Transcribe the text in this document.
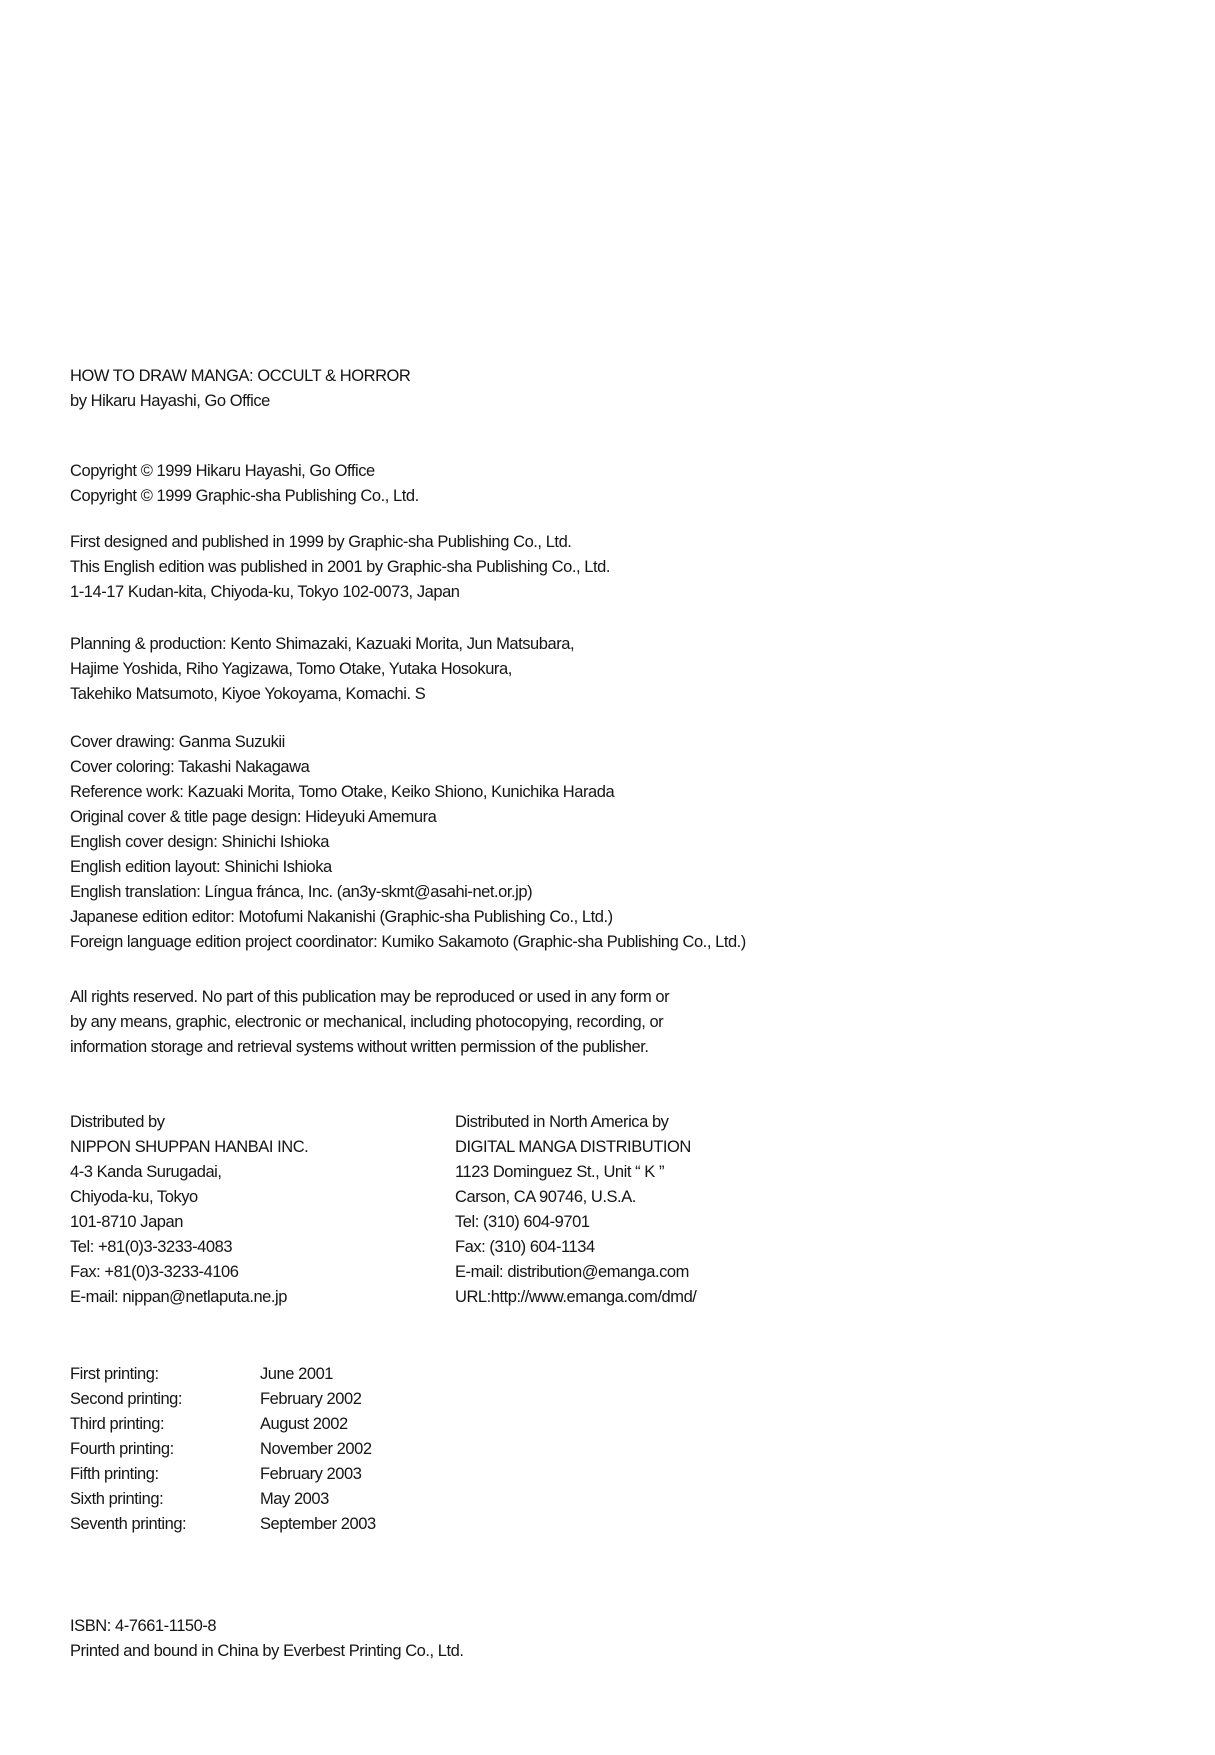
HOW TO DRAW MANGA: OCCULT & HORROR

by Hikaru Hayashi, Go Office

Copyright © 1999 Hikaru Hayashi, Go Office

Copyright © 1999 Graphic-sha Publishing Co., Ltd.

First designed and published in 1999 by Graphic-sha Publishing Co., Ltd.

This English edition was published in 2001 by Graphic-sha Publishing Co., Ltd.

1-14-17 Kudan-kita, Chiyoda-ku, Tokyo 102-0073, Japan

Planning & production: Kento Shimazaki, Kazuaki Morita, Jun Matsubara,

Hajime Yoshida, Riho Yagizawa, Tomo Otake, Yutaka Hosokura,

Takehiko Matsumoto, Kiyoe Yokoyama, Komachi. S

Cover drawing: Ganma Suzukii

Cover coloring: Takashi Nakagawa

Reference work: Kazuaki Morita, Tomo Otake, Keiko Shiono, Kunichika Harada

Original cover & title page design: Hideyuki Amemura

English cover design: Shinichi Ishioka

English edition layout: Shinichi Ishioka

English translation: Língua fránca, Inc. (an3y-skmt@asahi-net.or.jp)

Japanese edition editor: Motofumi Nakanishi (Graphic-sha Publishing Co., Ltd.)

Foreign language edition project coordinator: Kumiko Sakamoto (Graphic-sha Publishing Co., Ltd.)

All rights reserved. No part of this publication may be reproduced or used in any form or

by any means, graphic, electronic or mechanical, including photocopying, recording, or

information storage and retrieval systems without written permission of the publisher.

Distributed by

NIPPON SHUPPAN HANBAI INC.

4-3 Kanda Surugadai,

Chiyoda-ku, Tokyo

101-8710 Japan

Tel: +81(0)3-3233-4083

Fax: +81(0)3-3233-4106

E-mail: nippan@netlaputa.ne.jp

Distributed in North America by

DIGITAL MANGA DISTRIBUTION

1123 Dominguez St., Unit “ K ”

Carson, CA 90746, U.S.A.

Tel: (310) 604-9701

Fax: (310) 604-1134

E-mail: distribution@emanga.com

URL:http://www.emanga.com/dmd/

First printing:	June 2001
Second printing:	February 2002
Third printing:	August 2002
Fourth printing:	November 2002
Fifth printing:	February 2003
Sixth printing:	May 2003
Seventh printing:	September 2003

ISBN: 4-7661-1150-8

Printed and bound in China by Everbest Printing Co., Ltd.
